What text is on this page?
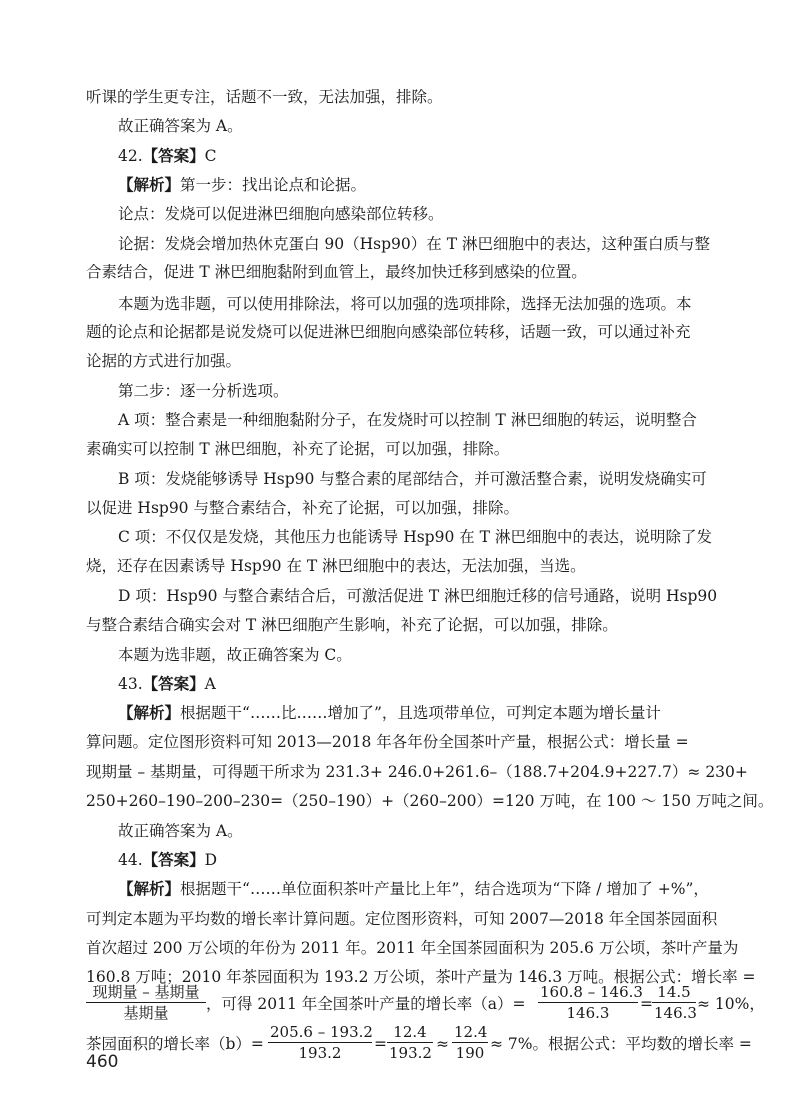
听课的学生更专注，话题不一致，无法加强，排除。
故正确答案为 A。
42.【答案】C
【解析】第一步：找出论点和论据。
论点：发烧可以促进淋巴细胞向感染部位转移。
论据：发烧会增加热休克蛋白 90（Hsp90）在 T 淋巴细胞中的表达，这种蛋白质与整
合素结合，促进 T 淋巴细胞黏附到血管上，最终加快迁移到感染的位置。
本题为选非题，可以使用排除法，将可以加强的选项排除，选择无法加强的选项。本
题的论点和论据都是说发烧可以促进淋巴细胞向感染部位转移，话题一致，可以通过补充
论据的方式进行加强。
第二步：逐一分析选项。
A 项：整合素是一种细胞黏附分子，在发烧时可以控制 T 淋巴细胞的转运，说明整合
素确实可以控制 T 淋巴细胞，补充了论据，可以加强，排除。
B 项：发烧能够诱导 Hsp90 与整合素的尾部结合，并可激活整合素，说明发烧确实可
以促进 Hsp90 与整合素结合，补充了论据，可以加强，排除。
C 项：不仅仅是发烧，其他压力也能诱导 Hsp90 在 T 淋巴细胞中的表达，说明除了发
烧，还存在因素诱导 Hsp90 在 T 淋巴细胞中的表达，无法加强，当选。
D 项：Hsp90 与整合素结合后，可激活促进 T 淋巴细胞迁移的信号通路，说明 Hsp90
与整合素结合确实会对 T 淋巴细胞产生影响，补充了论据，可以加强，排除。
本题为选非题，故正确答案为 C。
43.【答案】A
【解析】根据题干“……比……增加了”，且选项带单位，可判定本题为增长量计
算问题。定位图形资料可知 2013—2018 年各年份全国茶叶产量，根据公式：增长量 =
现期量 – 基期量，可得题干所求为 231.3+ 246.0+261.6–（188.7+204.9+227.7）≈ 230+
250+260–190–200–230=（250–190）+（260–200）=120 万吨，在 100 ～ 150 万吨之间。
故正确答案为 A。
44.【答案】D
【解析】根据题干“……单位面积茶叶产量比上年”，结合选项为“下降 / 增加了 +%”，
可判定本题为平均数的增长率计算问题。定位图形资料，可知 2007—2018 年全国茶园面积
首次超过 200 万公顷的年份为 2011 年。2011 年全国茶园面积为 205.6 万公顷，茶叶产量为
160.8 万吨；2010 年茶园面积为 193.2 万公顷，茶叶产量为 146.3 万吨。根据公式：增长率 =
现期量 – 基期量
基期量	，可得 2011 年全国茶叶产量的增长率$(a)= \frac{160.8 - 146.3}{146.3} = \frac{14.5}{146.3} \approx 10\%$，
茶园面积的增长率$(b)= \frac{205.6 - 193.2}{193.2} = \frac{12.4}{193.2} \approx \frac{12.4}{190} \approx 7\%$。根据公式：平均数的增长率 =
460
